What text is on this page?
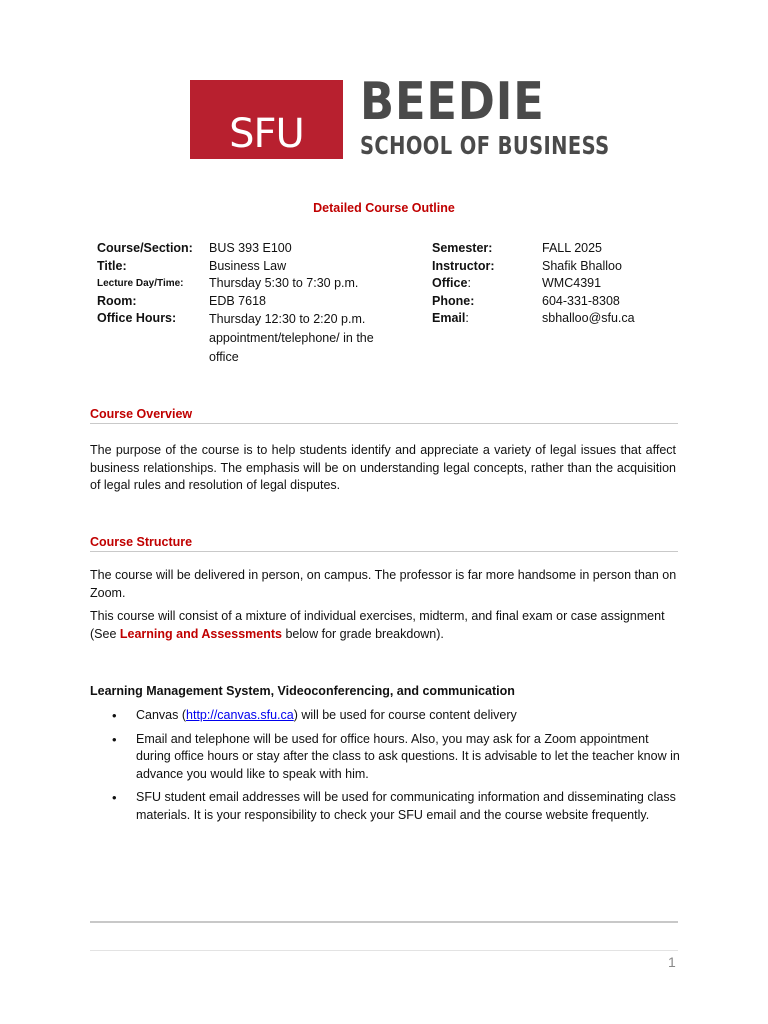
SFU
BEEDIE
SCHOOL OF BUSINESS
Detailed Course Outline
Course/Section:
Title:
Lecture Day/Time:
Room:
Office Hours:
BUS 393 E100
Business Law
Thursday 5:30 to 7:30 p.m.
EDB 7618
Thursday 12:30 to 2:20 p.m. appointment/telephone/ in the office
Semester:
Instructor:
Office:
Phone:
Email:
FALL 2025
Shafik Bhalloo
WMC4391
604-331-8308
sbhalloo@sfu.ca
Course Overview
The purpose of the course is to help students identify and appreciate a variety of legal issues that affect business relationships. The emphasis will be on understanding legal concepts, rather than the acquisition of legal rules and resolution of legal disputes.
Course Structure
The course will be delivered in person, on campus. The professor is far more handsome in person than on Zoom.
This course will consist of a mixture of individual exercises, midterm, and final exam or case assignment (See Learning and Assessments below for grade breakdown).
Learning Management System, Videoconferencing, and communication
• Canvas (http://canvas.sfu.ca) will be used for course content delivery
• Email and telephone will be used for office hours. Also, you may ask for a Zoom appointment during office hours or stay after the class to ask questions. It is advisable to let the teacher know in advance you would like to speak with him.
• SFU student email addresses will be used for communicating information and disseminating class materials. It is your responsibility to check your SFU email and the course website frequently.
1
